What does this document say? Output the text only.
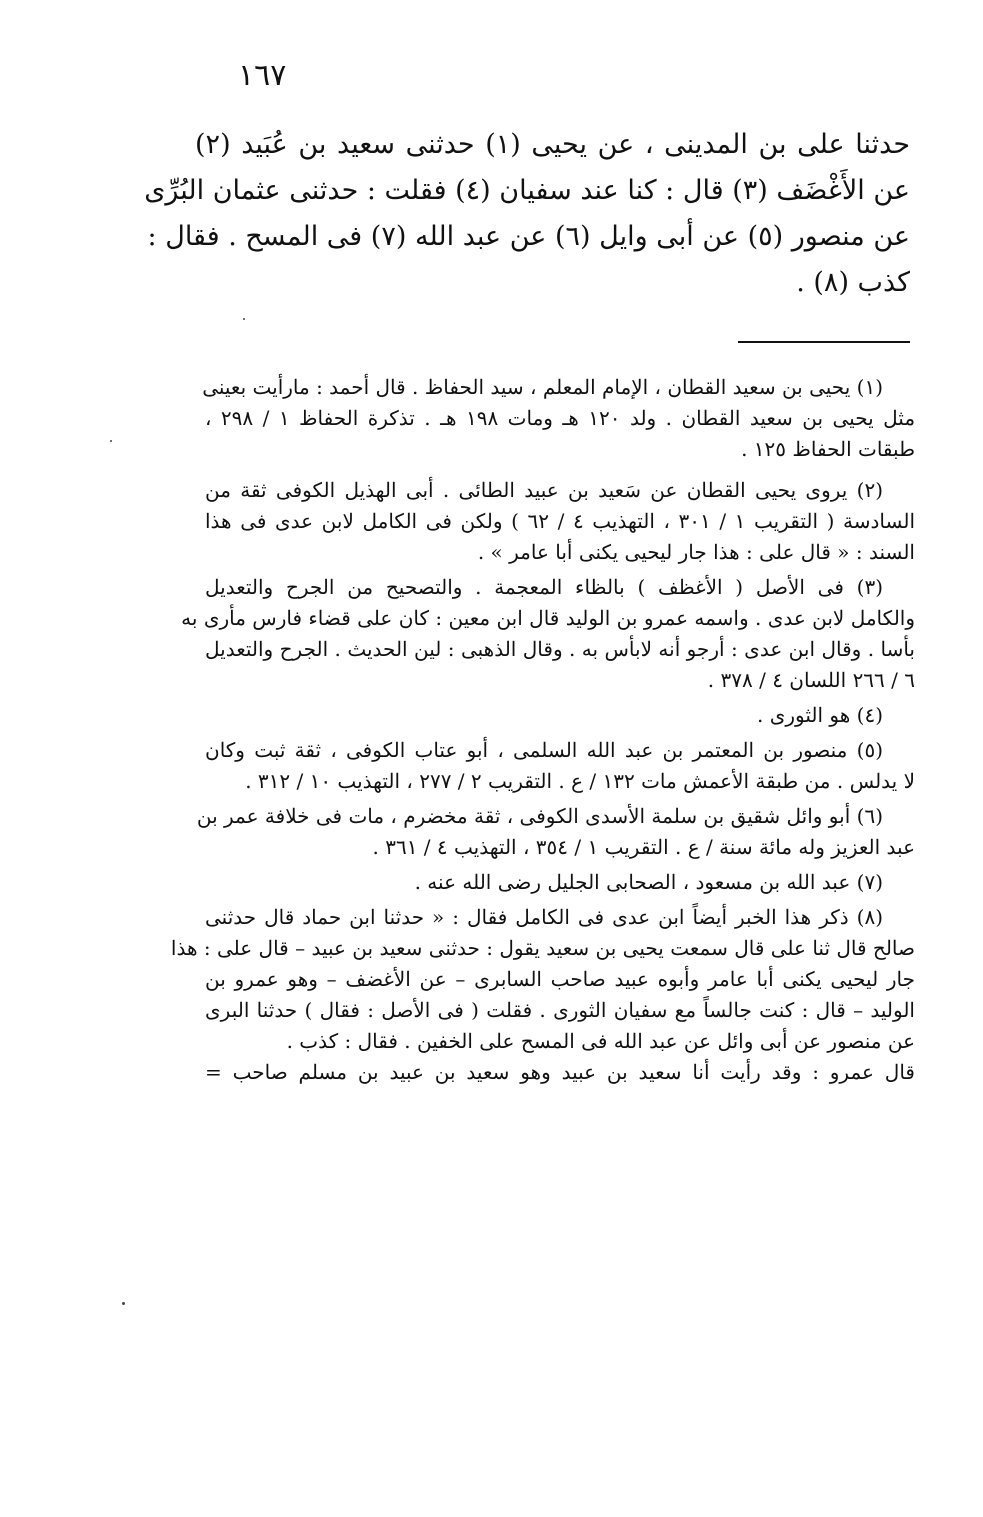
١٦٧
حدثنا على بن المدينى ، عن يحيى (١) حدثنى سعيد بن عُبَيد (٢)
عن الأَغْضَف (٣) قال : كنا عند سفيان (٤) فقلت : حدثنى عثمان البُرِّى
عن منصور (٥) عن أبى وايل (٦) عن عبد الله (٧) فى المسح . فقال :
كذب (٨) .
(١) يحيى بن سعيد القطان ، الإمام المعلم ، سيد الحفاظ . قال أحمد : مارأيت بعينى
مثل يحيى بن سعيد القطان . ولد ١٢٠ هـ ومات ١٩٨ هـ . تذكرة الحفاظ ١ / ٢٩٨ ،
طبقات الحفاظ ١٢٥ .
(٢) يروى يحيى القطان عن سَعيد بن عبيد الطائى . أبى الهذيل الكوفى ثقة من
السادسة ( التقريب ١ / ٣٠١ ، التهذيب ٤ / ٦٢ ) ولكن فى الكامل لابن عدى فى هذا
السند : « قال على : هذا جار ليحيى يكنى أبا عامر » .
(٣) فى الأصل ( الأغظف ) بالظاء المعجمة . والتصحيح من الجرح والتعديل
والكامل لابن عدى . واسمه عمرو بن الوليد قال ابن معين : كان على قضاء فارس مأرى به
بأسا . وقال ابن عدى : أرجو أنه لابأس به . وقال الذهبى : لين الحديث . الجرح والتعديل
٦ / ٢٦٦ اللسان ٤ / ٣٧٨ .
(٤) هو الثورى .
(٥) منصور بن المعتمر بن عبد الله السلمى ، أبو عتاب الكوفى ، ثقة ثبت وكان
لا يدلس . من طبقة الأعمش مات ١٣٢ / ع . التقريب ٢ / ٢٧٧ ، التهذيب ١٠ / ٣١٢ .
(٦) أبو وائل شقيق بن سلمة الأسدى الكوفى ، ثقة مخضرم ، مات فى خلافة عمر بن
عبد العزيز وله مائة سنة / ع . التقريب ١ / ٣٥٤ ، التهذيب ٤ / ٣٦١ .
(٧) عبد الله بن مسعود ، الصحابى الجليل رضى الله عنه .
(٨) ذكر هذا الخبر أيضاً ابن عدى فى الكامل فقال : « حدثنا ابن حماد قال حدثنى
صالح قال ثنا على قال سمعت يحيى بن سعيد يقول : حدثنى سعيد بن عبيد – قال على : هذا
جار ليحيى يكنى أبا عامر وأبوه عبيد صاحب السابرى – عن الأغضف – وهو عمرو بن
الوليد – قال : كنت جالساً مع سفيان الثورى . فقلت ( فى الأصل : فقال ) حدثنا البرى
عن منصور عن أبى وائل عن عبد الله فى المسح على الخفين . فقال : كذب .
قال عمرو : وقد رأيت أنا سعيد بن عبيد وهو سعيد بن عبيد بن مسلم صاحب =
